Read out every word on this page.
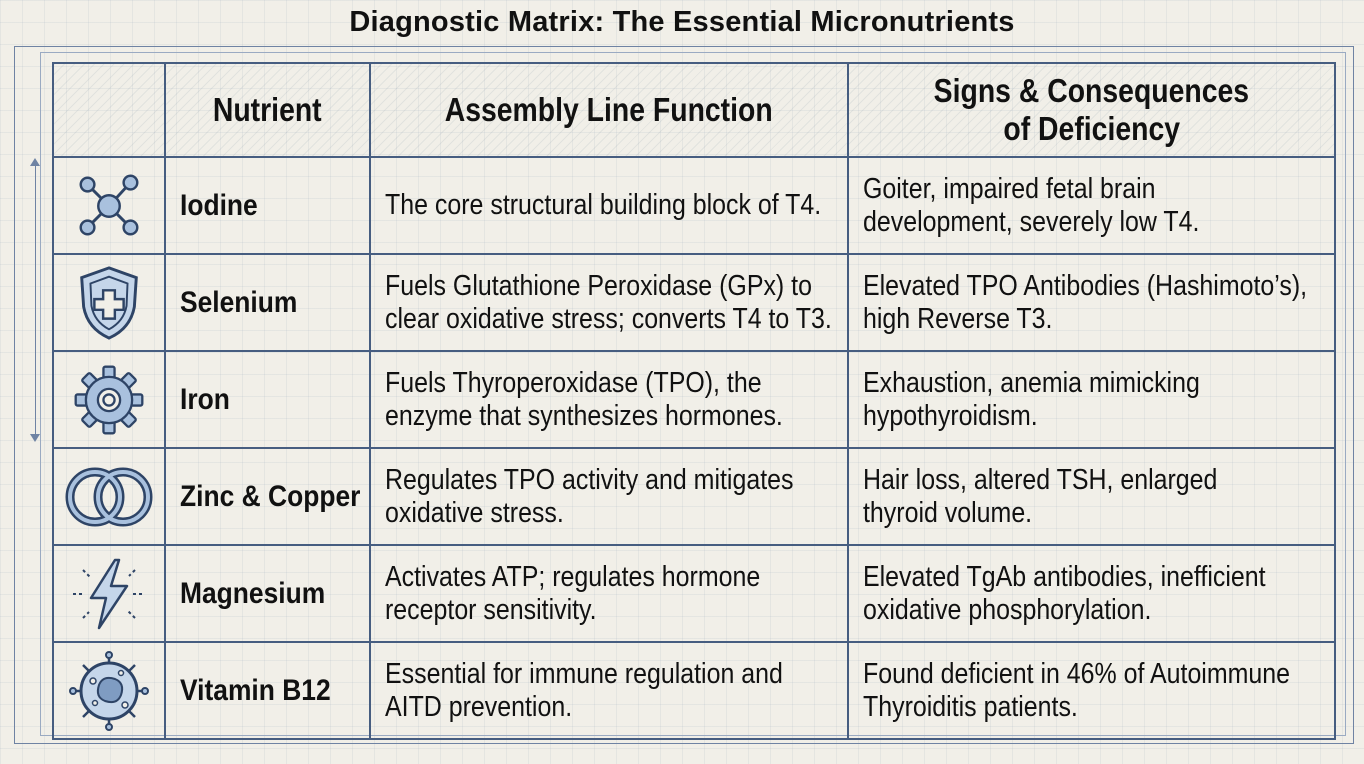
Diagnostic Matrix: The Essential Micronutrients
	Nutrient	Assembly Line Function	Signs & Consequences
of Deficiency

	Iodine	The core structural building block of T4.	Goiter, impaired fetal brain
development, severely low T4.

	Selenium	Fuels Glutathione Peroxidase (GPx) to
clear oxidative stress; converts T4 to T3.	Elevated TPO Antibodies (Hashimoto’s),
high Reverse T3.

	Iron	Fuels Thyroperoxidase (TPO), the
enzyme that synthesizes hormones.	Exhaustion, anemia mimicking
hypothyroidism.

	Zinc & Copper	Regulates TPO activity and mitigates
oxidative stress.	Hair loss, altered TSH, enlarged
thyroid volume.

	Magnesium	Activates ATP; regulates hormone
receptor sensitivity.	Elevated TgAb antibodies, inefficient
oxidative phosphorylation.

	Vitamin B12	Essential for immune regulation and
AITD prevention.	Found deficient in 46% of Autoimmune
Thyroiditis patients.
